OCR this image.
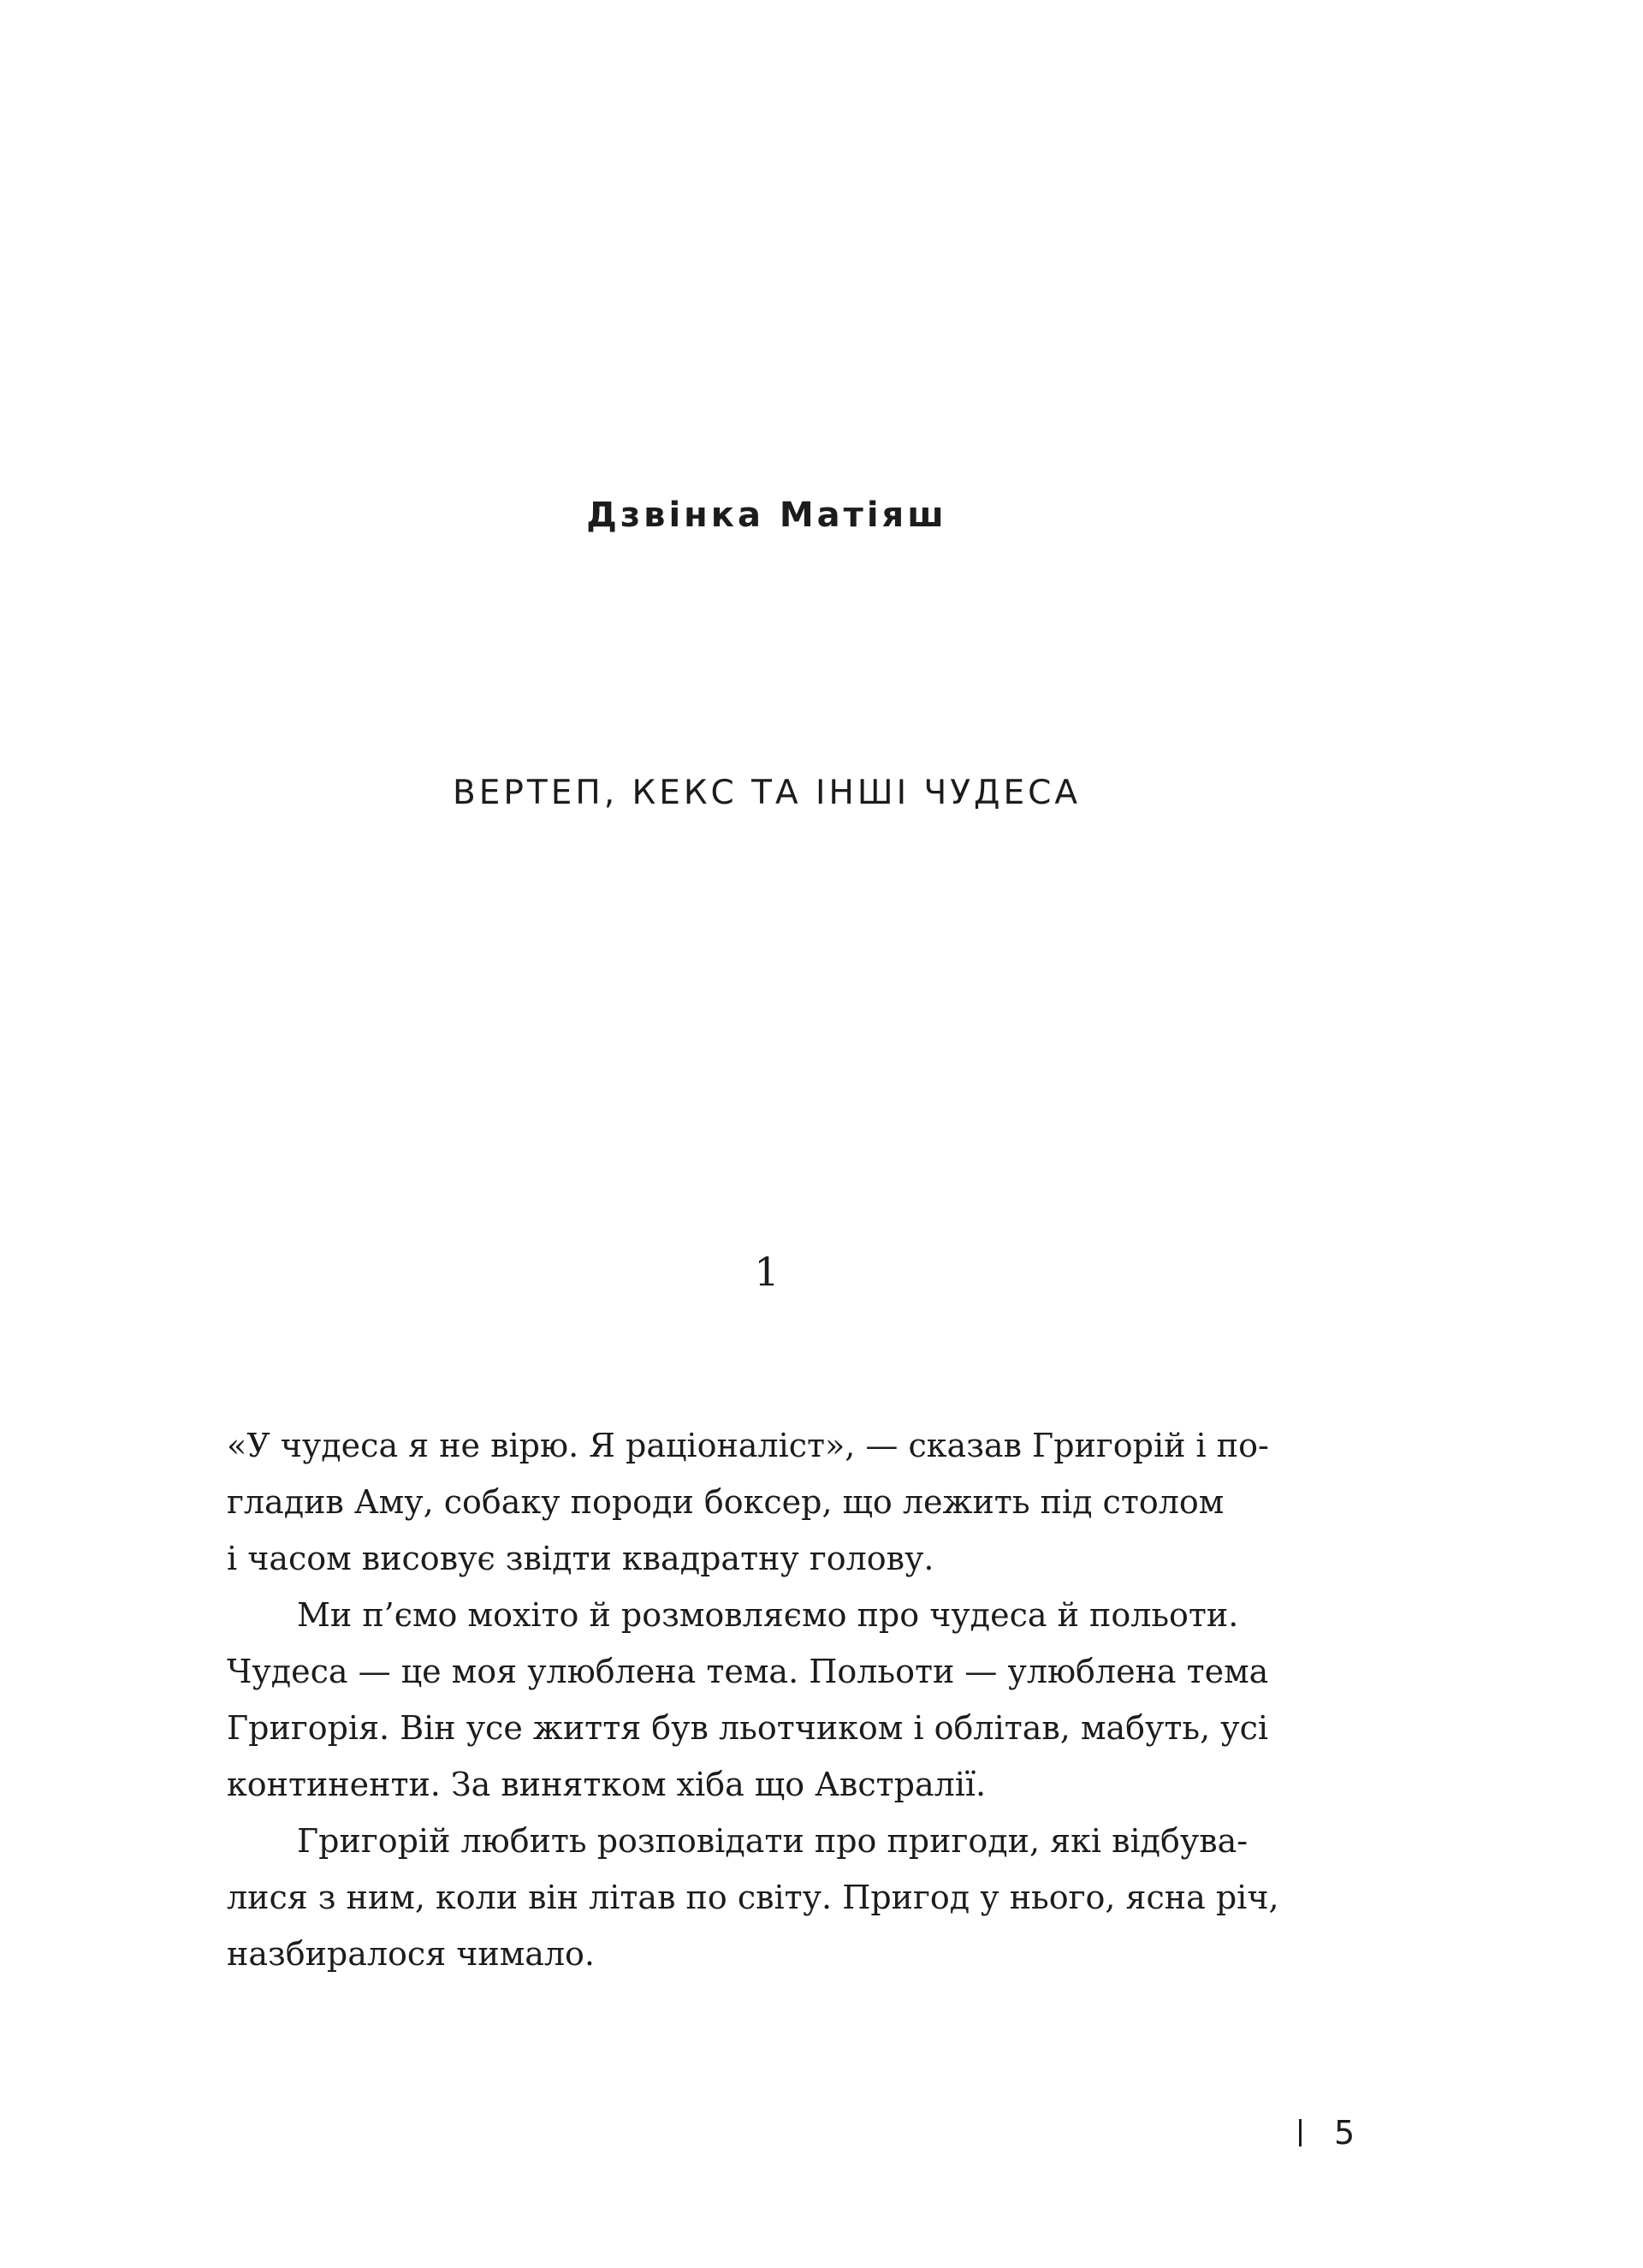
Дзвінка Матіяш
ВЕРТЕП, КЕКС ТА ІНШІ ЧУДЕСА
1
«У чудеса я не вірю. Я раціоналіст», — сказав Григорій і по-
гладив Аму, собаку породи боксер, що лежить під столом
і часом висовує звідти квадратну голову.
Ми п’ємо мохіто й розмовляємо про чудеса й польоти.
Чудеса — це моя улюблена тема. Польоти — улюблена тема
Григорія. Він усе життя був льотчиком і облітав, мабуть, усі
континенти. За винятком хіба що Австралії.
Григорій любить розповідати про пригоди, які відбува-
лися з ним, коли він літав по світу. Пригод у нього, ясна річ,
назбиралося чимало.
5
